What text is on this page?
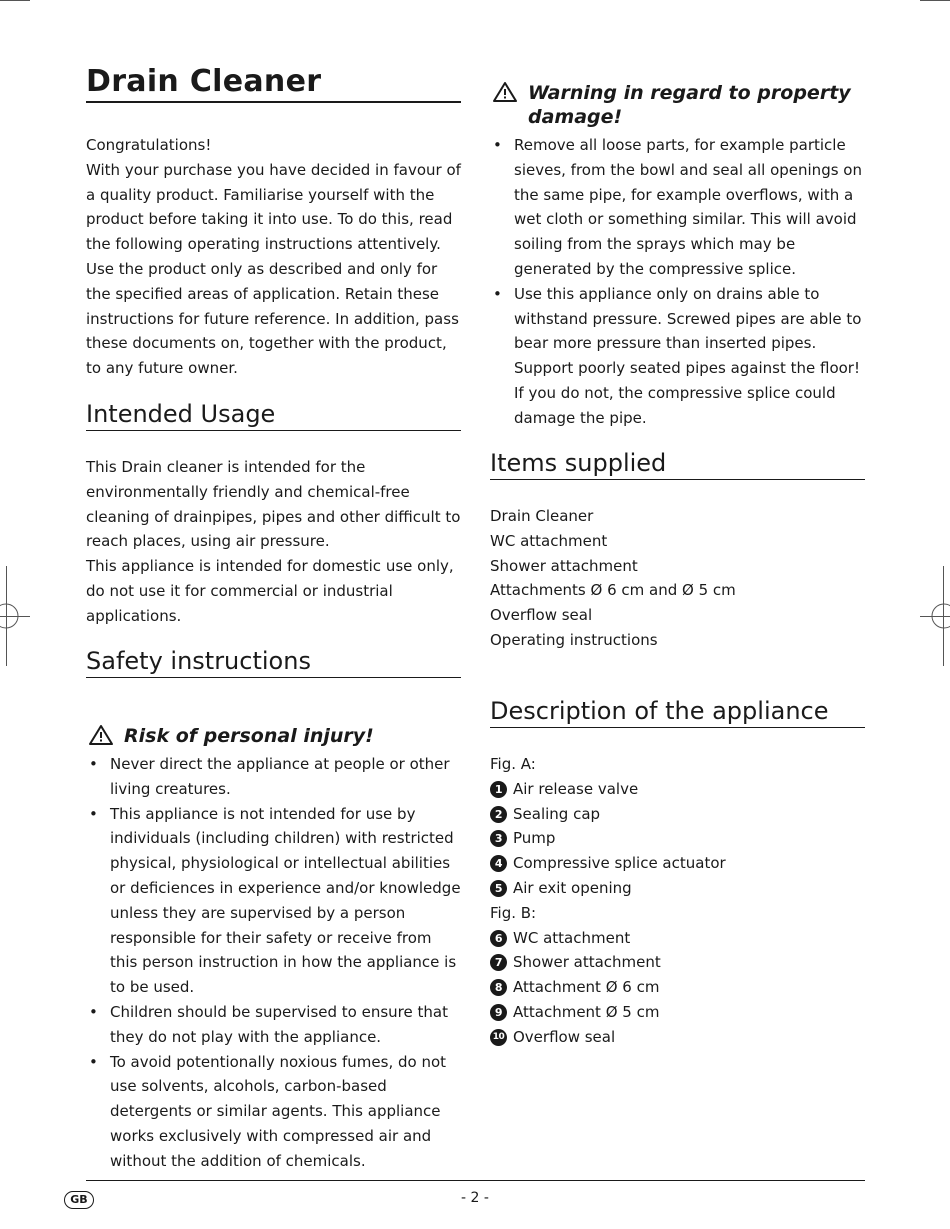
Drain Cleaner
Congratulations!
With your purchase you have decided in favour of a quality product. Familiarise yourself with the product before taking it into use. To do this, read the following operating instructions attentively. Use the product only as described and only for the specified areas of application. Retain these instructions for future reference. In addition, pass these documents on, together with the product, to any future owner.
Intended Usage
This Drain cleaner is intended for the environmentally friendly and chemical-free cleaning of drainpipes, pipes and other difficult to reach places, using air pressure.
This appliance is intended for domestic use only, do not use it for commercial or industrial applications.
Safety instructions
Risk of personal injury!
• Never direct the appliance at people or other living creatures.
• This appliance is not intended for use by individuals (including children) with restricted physical, physiological or intellectual abilities or deficiences in experience and/or knowledge unless they are supervised by a person responsible for their safety or receive from this person instruction in how the appliance is to be used.
• Children should be supervised to ensure that they do not play with the appliance.
• To avoid potentionally noxious fumes, do not use solvents, alcohols, carbon-based detergents or similar agents. This appliance works exclusively with compressed air and without the addition of chemicals.
Warning in regard to property damage!
• Remove all loose parts, for example particle sieves, from the bowl and seal all openings on the same pipe, for example overflows, with a wet cloth or something similar. This will avoid soiling from the sprays which may be generated by the compressive splice.
• Use this appliance only on drains able to withstand pressure. Screwed pipes are able to bear more pressure than inserted pipes. Support poorly seated pipes against the floor! If you do not, the compressive splice could damage the pipe.
Items supplied
Drain Cleaner
WC attachment
Shower attachment
Attachments Ø 6 cm and Ø 5 cm
Overflow seal
Operating instructions
Description of the appliance
Fig. A:
1 Air release valve
2 Sealing cap
3 Pump
4 Compressive splice actuator
5 Air exit opening
Fig. B:
6 WC attachment
7 Shower attachment
8 Attachment Ø 6 cm
9 Attachment Ø 5 cm
10 Overflow seal
GB	- 2 -
